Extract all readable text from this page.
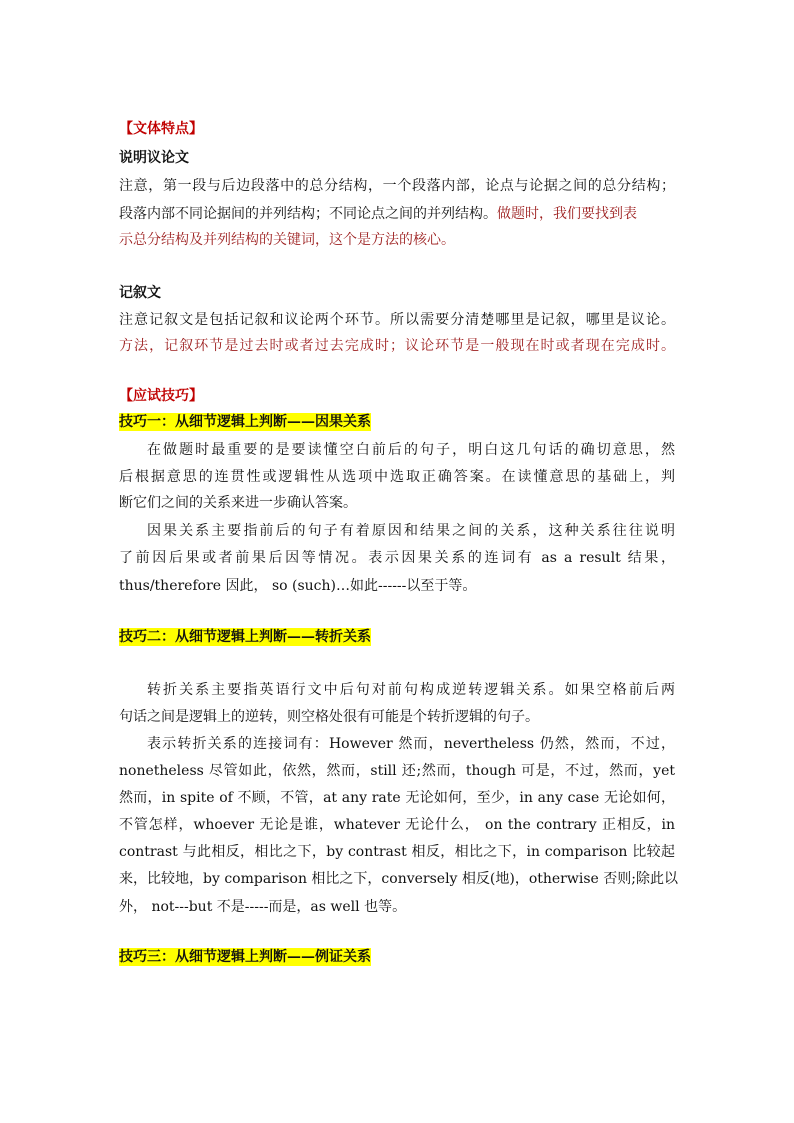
【文体特点】
说明议论文
注意，第一段与后边段落中的总分结构，一个段落内部，论点与论据之间的总分结构；
段落内部不同论据间的并列结构；不同论点之间的并列结构。做题时，我们要找到表
示总分结构及并列结构的关键词，这个是方法的核心。
记叙文
注意记叙文是包括记叙和议论两个环节。所以需要分清楚哪里是记叙，哪里是议论。
方法，记叙环节是过去时或者过去完成时；议论环节是一般现在时或者现在完成时。
【应试技巧】
技巧一：从细节逻辑上判断——因果关系
在做题时最重要的是要读懂空白前后的句子，明白这几句话的确切意思，然
后根据意思的连贯性或逻辑性从选项中选取正确答案。在读懂意思的基础上，判
断它们之间的关系来进一步确认答案。
因果关系主要指前后的句子有着原因和结果之间的关系，这种关系往往说明
了前因后果或者前果后因等情况。表示因果关系的连词有 as a result 结果，
thus/therefore 因此， so (such)…如此------以至于等。
技巧二：从细节逻辑上判断——转折关系
转折关系主要指英语行文中后句对前句构成逆转逻辑关系。如果空格前后两
句话之间是逻辑上的逆转，则空格处很有可能是个转折逻辑的句子。
表示转折关系的连接词有：However 然而，nevertheless 仍然，然而，不过，
nonetheless 尽管如此，依然，然而，still 还;然而，though 可是，不过，然而，yet
然而，in spite of 不顾，不管，at any rate 无论如何，至少，in any case 无论如何，
不管怎样，whoever 无论是谁，whatever 无论什么， on the contrary 正相反，in
contrast 与此相反，相比之下，by contrast 相反，相比之下，in comparison 比较起
来，比较地，by comparison 相比之下，conversely 相反(地)，otherwise 否则;除此以
外， not---but 不是-----而是，as well 也等。
技巧三：从细节逻辑上判断——例证关系
